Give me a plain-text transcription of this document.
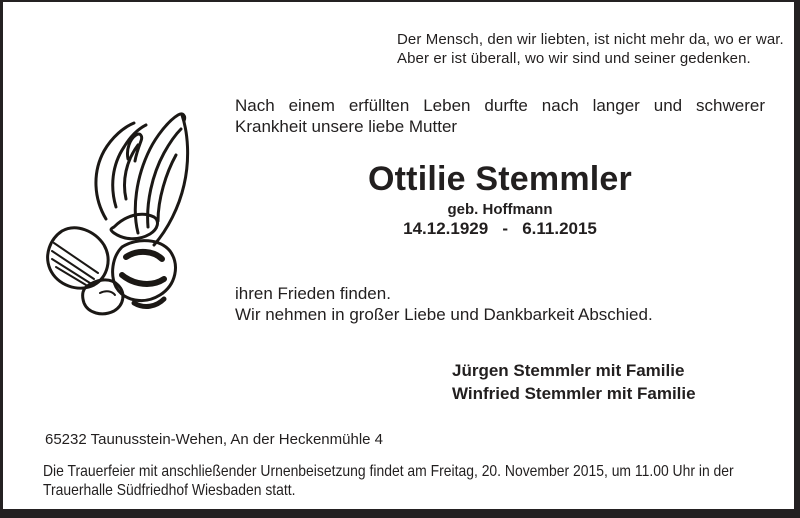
Der Mensch, den wir liebten, ist nicht mehr da, wo er war.
Aber er ist überall, wo wir sind und seiner gedenken.
Nach einem erfüllten Leben durfte nach langer und schwerer
Krankheit unsere liebe Mutter
Ottilie Stemmler
geb. Hoffmann
14.12.1929   -   6.11.2015
ihren Frieden finden.
Wir nehmen in großer Liebe und Dankbarkeit Abschied.
Jürgen Stemmler mit Familie
Winfried Stemmler mit Familie
65232 Taunusstein-Wehen, An der Heckenmühle 4
Die Trauerfeier mit anschließender Urnenbeisetzung findet am Freitag, 20. November 2015, um 11.00 Uhr in der
Trauerhalle Südfriedhof Wiesbaden statt.
